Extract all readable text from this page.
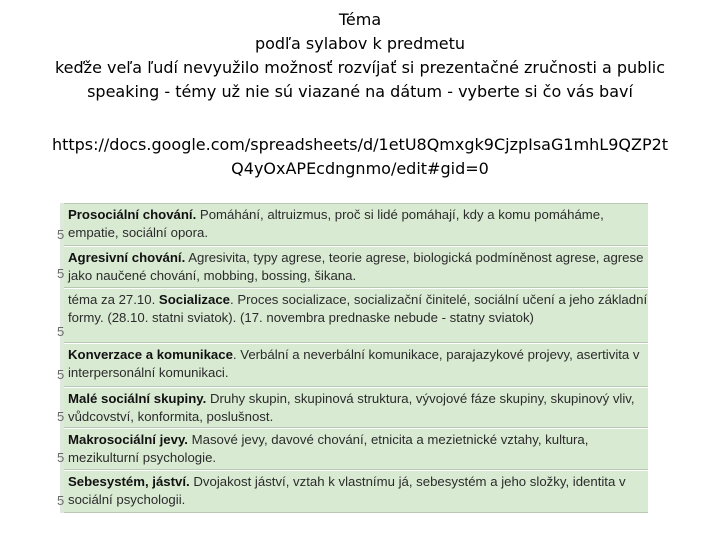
Téma
podľa sylabov k predmetu
keďže veľa ľudí nevyužilo možnosť rozvíjať si prezentačné zručnosti a public
speaking - témy už nie sú viazané na dátum - vyberte si čo vás baví
https://docs.google.com/spreadsheets/d/1etU8Qmxgk9CjzpIsaG1mhL9QZP2t
Q4yOxAPEcdngnmo/edit#gid=0
5
5
5
5
5
5
5
Prosociální chování. Pomáhání, altruizmus, proč si lidé pomáhají, kdy a komu pomáháme, empatie, sociální opora.
Agresivní chování. Agresivita, typy agrese, teorie agrese, biologická podmíněnost agrese, agrese jako naučené chování, mobbing, bossing, šikana.
téma za 27.10. Socializace. Proces socializace, socializační činitelé, sociální učení a jeho základní formy. (28.10. statni sviatok). (17. novembra prednaske nebude - statny sviatok)
Konverzace a komunikace. Verbální a neverbální komunikace, parajazykové projevy, asertivita v interpersonální komunikaci.
Malé sociální skupiny. Druhy skupin, skupinová struktura, vývojové fáze skupiny, skupinový vliv, vůdcovství, konformita, poslušnost.
Makrosociální jevy. Masové jevy, davové chování, etnicita a mezietnické vztahy, kultura, mezikulturní psychologie.
Sebesystém, jáství. Dvojakost jáství, vztah k vlastnímu já, sebesystém a jeho složky, identita v sociální psychologii.
